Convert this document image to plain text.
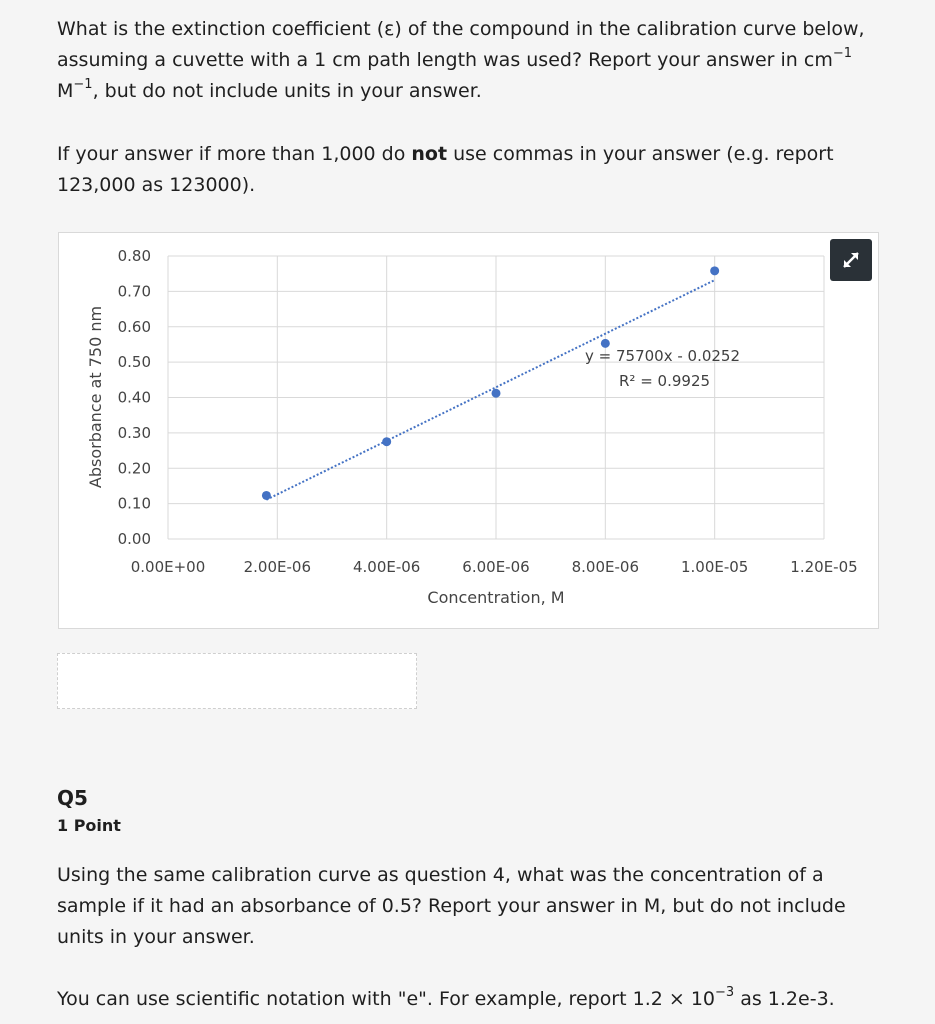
What is the extinction coefficient (ε) of the compound in the calibration curve below, assuming a cuvette with a 1 cm path length was used? Report your answer in $cm^{-1}$ $M^{-1}$, but do not include units in your answer.

If your answer if more than 1,000 do not use commas in your answer (e.g. report 123,000 as 123000).

0.00
0.10
0.20
0.30
0.40
0.50
0.60
0.70
0.80
0.00E+00	2.00E-06	4.00E-06	6.00E-06	8.00E-06	1.00E-05	1.20E-05
y = 75700x - 0.0252
R² = 0.9925
Concentration, M
Absorbance at 750 nm
Q5
1 Point

Using the same calibration curve as question 4, what was the concentration of a sample if it had an absorbance of 0.5? Report your answer in M, but do not include units in your answer.

You can use scientific notation with "e". For example, report $1.2 \times 10^{-3}$ as 1.2e-3.
